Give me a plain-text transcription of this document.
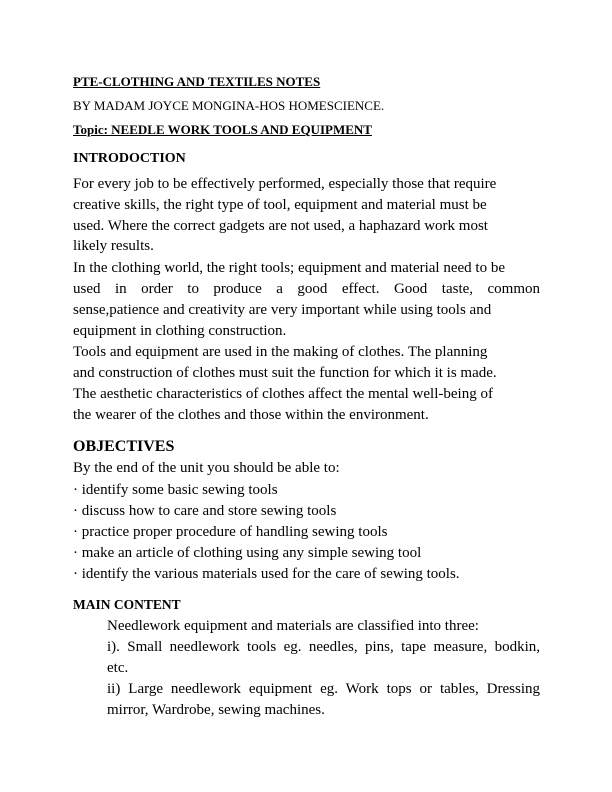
PTE-CLOTHING AND TEXTILES NOTES
BY MADAM JOYCE MONGINA-HOS HOMESCIENCE.
Topic: NEEDLE WORK TOOLS AND EQUIPMENT
INTRODOCTION
For every job to be effectively performed, especially those that require
creative skills, the right type of tool, equipment and material must be
used. Where the correct gadgets are not used, a haphazard work most
likely results.
In the clothing world, the right tools; equipment and material need to be
used in order to produce a good effect. Good taste, common
sense,patience and creativity are very important while using tools and
equipment in clothing construction.
Tools and equipment are used in the making of clothes. The planning
and construction of clothes must suit the function for which it is made.
The aesthetic characteristics of clothes affect the mental well-being of
the wearer of the clothes and those within the environment.
OBJECTIVES
By the end of the unit you should be able to:
· identify some basic sewing tools
· discuss how to care and store sewing tools
· practice proper procedure of handling sewing tools
· make an article of clothing using any simple sewing tool
· identify the various materials used for the care of sewing tools.
MAIN CONTENT
Needlework equipment and materials are classified into three:
i). Small needlework tools eg. needles, pins, tape measure, bodkin,
etc.
ii) Large needlework equipment eg. Work tops or tables, Dressing
mirror, Wardrobe, sewing machines.
